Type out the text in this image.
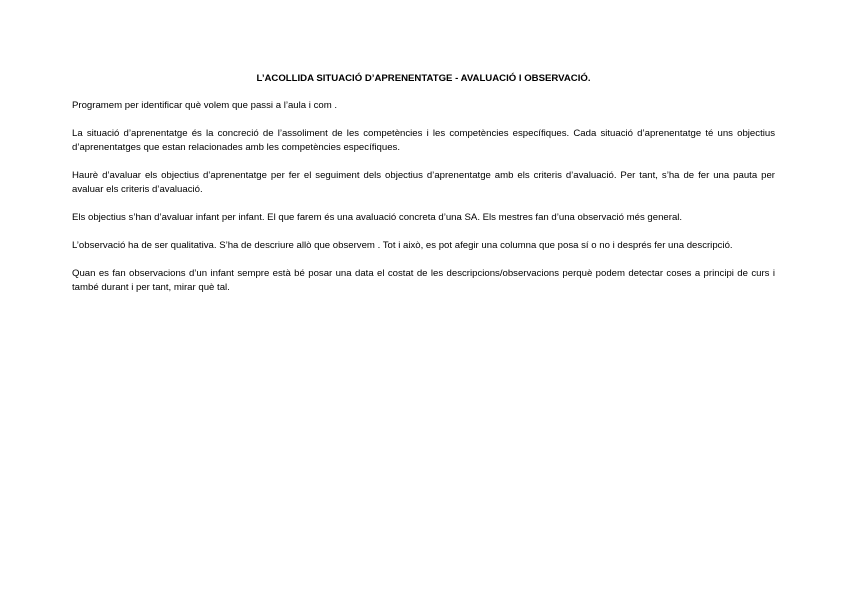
L’ACOLLIDA SITUACIÓ D’APRENENTATGE - AVALUACIÓ I OBSERVACIÓ.

Programem per identificar què volem que passi a l’aula i com .

La situació d’aprenentatge és la concreció de l’assoliment de les competències i les competències específiques. Cada situació d’aprenentatge té uns objectius d’aprenentatges que estan relacionades amb les competències específiques.

Haurè d’avaluar els objectius d’aprenentatge per fer el seguiment dels objectius d’aprenentatge amb els criteris d’avaluació. Per tant, s’ha de fer una pauta per avaluar els criteris d’avaluació.

Els objectius s’han d’avaluar infant per infant. El que farem és una avaluació concreta d’una SA. Els mestres fan d’una observació més general.

L’observació ha de ser qualitativa. S’ha de descriure allò que observem . Tot i això, es pot afegir una columna que posa sí o no i després fer una descripció.

Quan es fan observacions d’un infant sempre està bé posar una data el costat de les descripcions/observacions perquè podem detectar coses a principi de curs i també durant i per tant, mirar què tal.
